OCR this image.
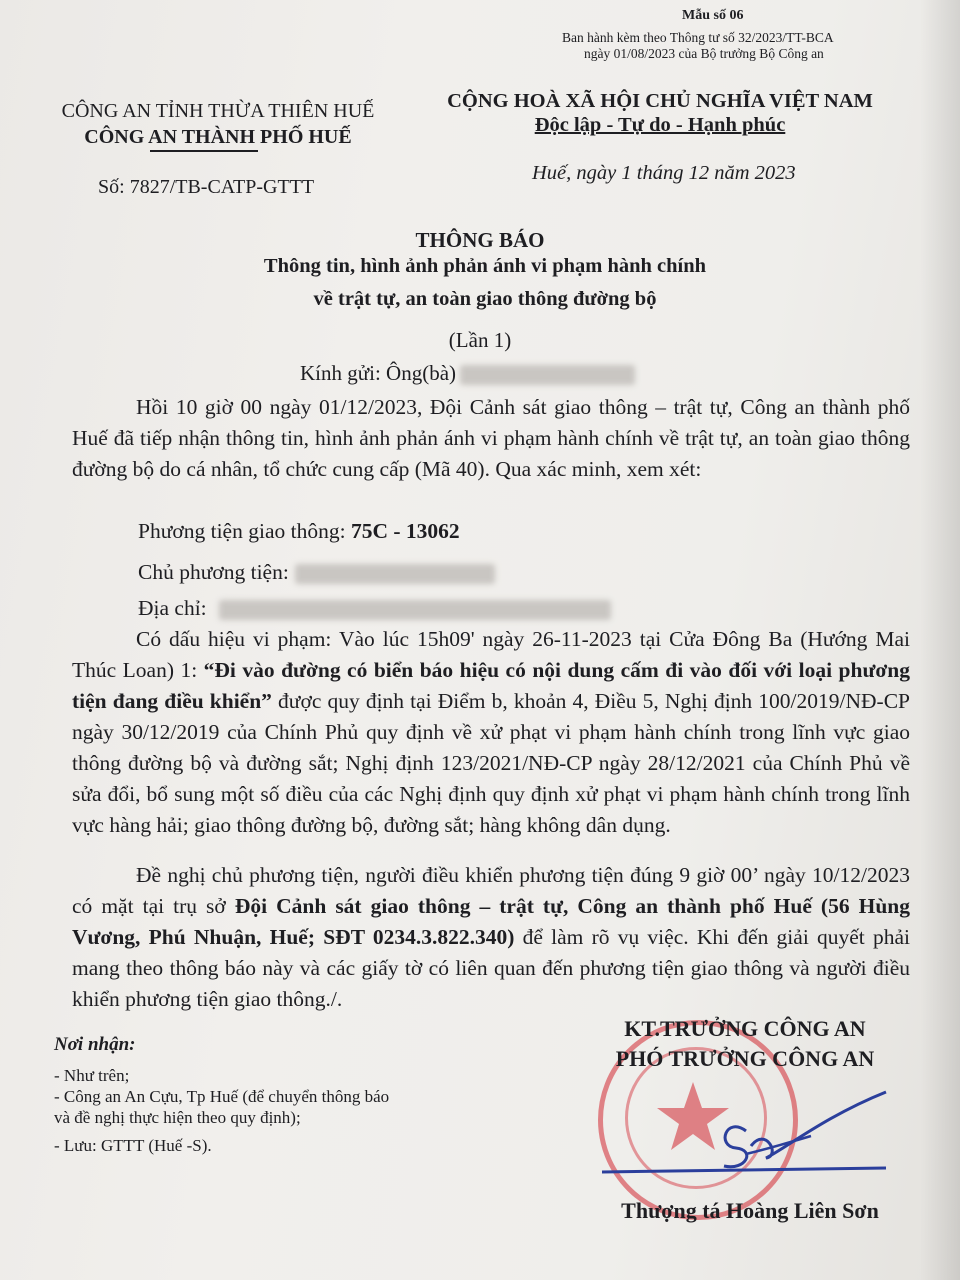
Mẫu số 06
Ban hành kèm theo Thông tư số 32/2023/TT-BCA
ngày 01/08/2023 của Bộ trưởng Bộ Công an
CÔNG AN TỈNH THỪA THIÊN HUẾ
CÔNG AN THÀNH PHỐ HUẾ
Số: 7827/TB-CATP-GTTT
CỘNG HOÀ XÃ HỘI CHỦ NGHĨA VIỆT NAM
Độc lập - Tự do - Hạnh phúc
Huế, ngày 1 tháng 12 năm 2023
THÔNG BÁO
Thông tin, hình ảnh phản ánh vi phạm hành chính
về trật tự, an toàn giao thông đường bộ
(Lần 1)
Kính gửi: Ông(bà)
Hồi 10 giờ 00 ngày 01/12/2023, Đội Cảnh sát giao thông – trật tự, Công an thành phố Huế đã tiếp nhận thông tin, hình ảnh phản ánh vi phạm hành chính về trật tự, an toàn giao thông đường bộ do cá nhân, tổ chức cung cấp (Mã 40). Qua xác minh, xem xét:
Phương tiện giao thông: 75C - 13062
Chủ phương tiện:
Địa chỉ:
Có dấu hiệu vi phạm: Vào lúc 15h09' ngày 26-11-2023 tại Cửa Đông Ba (Hướng Mai Thúc Loan) 1: “Đi vào đường có biển báo hiệu có nội dung cấm đi vào đối với loại phương tiện đang điều khiển” được quy định tại Điểm b, khoản 4, Điều 5, Nghị định 100/2019/NĐ-CP ngày 30/12/2019 của Chính Phủ quy định về xử phạt vi phạm hành chính trong lĩnh vực giao thông đường bộ và đường sắt; Nghị định 123/2021/NĐ-CP ngày 28/12/2021 của Chính Phủ về sửa đổi, bổ sung một số điều của các Nghị định quy định xử phạt vi phạm hành chính trong lĩnh vực hàng hải; giao thông đường bộ, đường sắt; hàng không dân dụng.
Đề nghị chủ phương tiện, người điều khiển phương tiện đúng 9 giờ 00’ ngày 10/12/2023 có mặt tại trụ sở Đội Cảnh sát giao thông – trật tự, Công an thành phố Huế (56 Hùng Vương, Phú Nhuận, Huế; SĐT 0234.3.822.340) để làm rõ vụ việc. Khi đến giải quyết phải mang theo thông báo này và các giấy tờ có liên quan đến phương tiện giao thông và người điều khiển phương tiện giao thông./.
Nơi nhận:
- Như trên;
- Công an An Cựu, Tp Huế (để chuyển thông báo
và đề nghị thực hiện theo quy định);
- Lưu: GTTT (Huế -S).
KT.TRƯỞNG CÔNG AN
PHÓ TRƯỞNG CÔNG AN
Thượng tá Hoàng Liên Sơn
